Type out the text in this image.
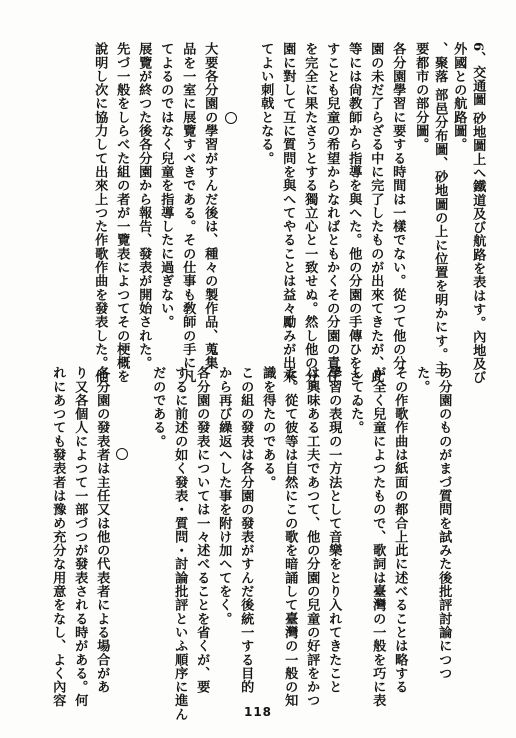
6、交通圖 砂地圖上へ鐵道及び航路を表はす。內地及び
外國との航路圖。
、聚落 部邑分布圖、砂地圖の上に位置を明かにす。主
要都市の部分圖。
各分園學習に要する時間は一樣でない。從つて他の分
園の未だ了らざる中に完了したものが出來てきたが、此
等には尙教師から指導を與へた。他の分園の手傳ひをさ
すことも兒童の希望からなればともかくその分園の責任
を完全に果たさうとする獨立心と一致せぬ。然し他の分
園に對して互に質問を與へてやることは益々勵みが出來
てよい刺戟となる。
大要各分園の學習がすんだ後は、種々の製作品、蒐集
品を一室に展覽すべきである。その仕事も敎師の手に凡
てよるのではなく兒童を指導したに過ぎない。
展覽が終つた後各分園から報告、發表が開始された。
先づ一般をしらべた組の者が一覽表によつてその梗概を
說明し次に協力して出來上つた作歌作曲を發表した。他
の分園のものがまづ質問を試みた後批評討論につつ
た。
その作歌作曲は紙面の都合上此に述べることは略する
が全く兒童によつたもので、歌詞は臺灣の一般を巧に表
してゐた。
學習の表現の一方法として音樂をとり入れてきたこと
は興味ある工夫であつて、他の分園の兒童の好評をかつ
た。從て彼等は自然にこの歌を暗誦して臺灣の一般の知
識を得たのである。
この組の發表は各分園の發表がすんだ後統一する目的
から再び繰返へした事を附け加へてをく。
各分園の發表については一々述べることを省くが、要
するに前述の如く發表・質問・討論批評といふ順序に進ん
だのである。
各分園の發表者は主任又は他の代表者による場合があ
り又各個人によつて一部づつが發表される時がある。何
れにあつても發表者は豫め充分な用意をなし、よく內容
118
